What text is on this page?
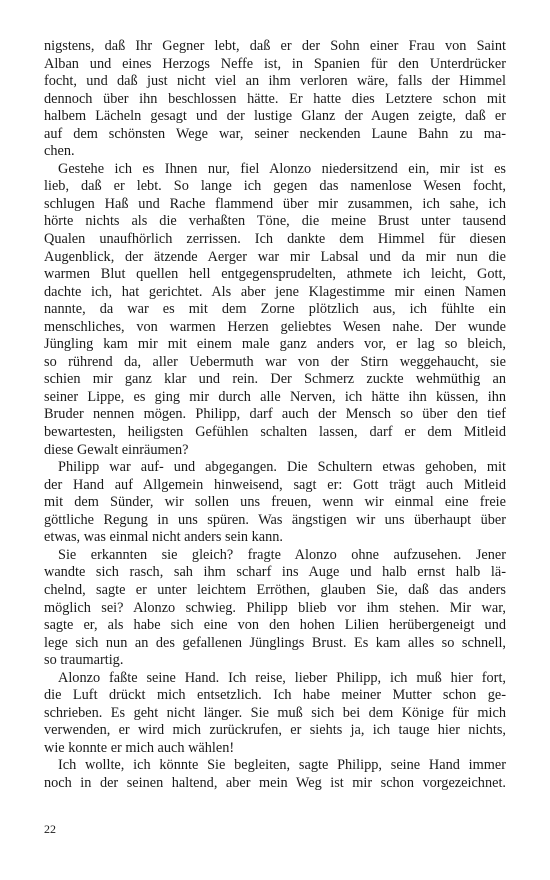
nigstens, daß Ihr Gegner lebt, daß er der Sohn einer Frau von Saint
Alban und eines Herzogs Neffe ist, in Spanien für den Unterdrücker
focht, und daß just nicht viel an ihm verloren wäre, falls der Himmel
dennoch über ihn beschlossen hätte. Er hatte dies Letztere schon mit
halbem Lächeln gesagt und der lustige Glanz der Augen zeigte, daß er
auf dem schönsten Wege war, seiner neckenden Laune Bahn zu ma-
chen.
Gestehe ich es Ihnen nur, fiel Alonzo niedersitzend ein, mir ist es
lieb, daß er lebt. So lange ich gegen das namenlose Wesen focht,
schlugen Haß und Rache flammend über mir zusammen, ich sahe, ich
hörte nichts als die verhaßten Töne, die meine Brust unter tausend
Qualen unaufhörlich zerrissen. Ich dankte dem Himmel für diesen
Augenblick, der ätzende Aerger war mir Labsal und da mir nun die
warmen Blut quellen hell entgegensprudelten, athmete ich leicht, Gott,
dachte ich, hat gerichtet. Als aber jene Klagestimme mir einen Namen
nannte, da war es mit dem Zorne plötzlich aus, ich fühlte ein
menschliches, von warmen Herzen geliebtes Wesen nahe. Der wunde
Jüngling kam mir mit einem male ganz anders vor, er lag so bleich,
so rührend da, aller Uebermuth war von der Stirn weggehaucht, sie
schien mir ganz klar und rein. Der Schmerz zuckte wehmüthig an
seiner Lippe, es ging mir durch alle Nerven, ich hätte ihn küssen, ihn
Bruder nennen mögen. Philipp, darf auch der Mensch so über den tief
bewartesten, heiligsten Gefühlen schalten lassen, darf er dem Mitleid
diese Gewalt einräumen?
Philipp war auf- und abgegangen. Die Schultern etwas gehoben, mit
der Hand auf Allgemein hinweisend, sagt er: Gott trägt auch Mitleid
mit dem Sünder, wir sollen uns freuen, wenn wir einmal eine freie
göttliche Regung in uns spüren. Was ängstigen wir uns überhaupt über
etwas, was einmal nicht anders sein kann.
Sie erkannten sie gleich? fragte Alonzo ohne aufzusehen. Jener
wandte sich rasch, sah ihm scharf ins Auge und halb ernst halb lä-
chelnd, sagte er unter leichtem Erröthen, glauben Sie, daß das anders
möglich sei? Alonzo schwieg. Philipp blieb vor ihm stehen. Mir war,
sagte er, als habe sich eine von den hohen Lilien herübergeneigt und
lege sich nun an des gefallenen Jünglings Brust. Es kam alles so schnell,
so traumartig.
Alonzo faßte seine Hand. Ich reise, lieber Philipp, ich muß hier fort,
die Luft drückt mich entsetzlich. Ich habe meiner Mutter schon ge-
schrieben. Es geht nicht länger. Sie muß sich bei dem Könige für mich
verwenden, er wird mich zurückrufen, er siehts ja, ich tauge hier nichts,
wie konnte er mich auch wählen!
Ich wollte, ich könnte Sie begleiten, sagte Philipp, seine Hand immer
noch in der seinen haltend, aber mein Weg ist mir schon vorgezeichnet.
22
